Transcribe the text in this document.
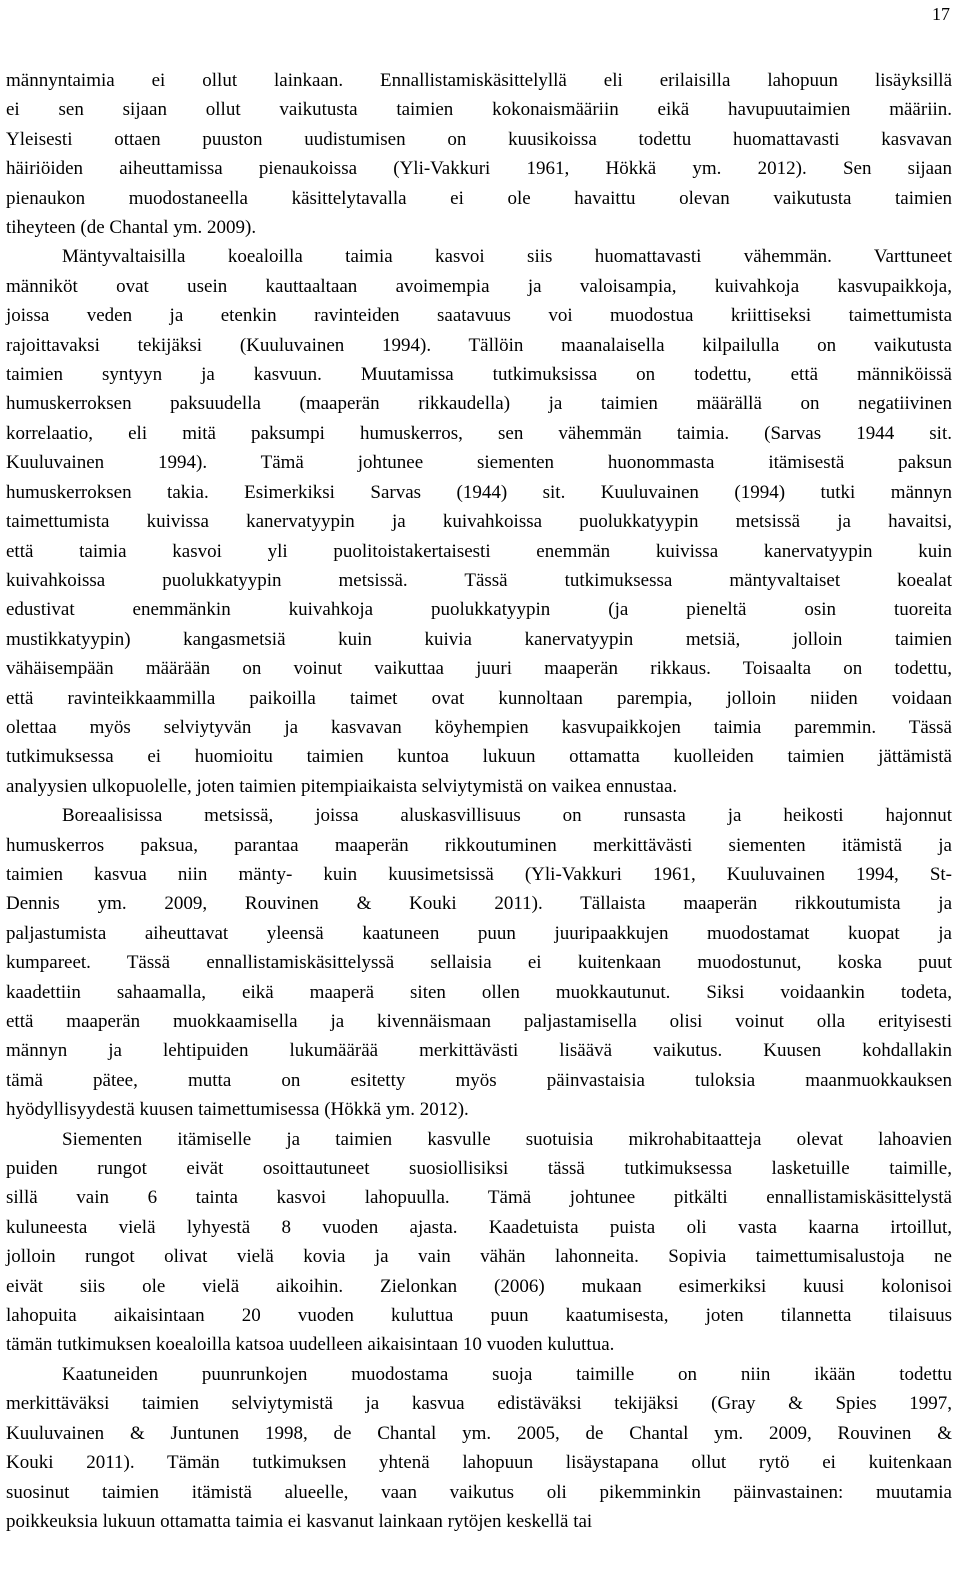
17

männyntaimia ei ollut lainkaan. Ennallistamiskäsittelyllä eli erilaisilla lahopuun lisäyksillä

ei sen sijaan ollut vaikutusta taimien kokonaismääriin eikä havupuutaimien määriin.

Yleisesti ottaen puuston uudistumisen on kuusikoissa todettu huomattavasti kasvavan

häiriöiden aiheuttamissa pienaukoissa (Yli-Vakkuri 1961, Hökkä ym. 2012). Sen sijaan

pienaukon muodostaneella käsittelytavalla ei ole havaittu olevan vaikutusta taimien

tiheyteen (de Chantal ym. 2009).

Mäntyvaltaisilla koealoilla taimia kasvoi siis huomattavasti vähemmän. Varttuneet

männiköt ovat usein kauttaaltaan avoimempia ja valoisampia, kuivahkoja kasvupaikkoja,

joissa veden ja etenkin ravinteiden saatavuus voi muodostua kriittiseksi taimettumista

rajoittavaksi tekijäksi (Kuuluvainen 1994). Tällöin maanalaisella kilpailulla on vaikutusta

taimien syntyyn ja kasvuun. Muutamissa tutkimuksissa on todettu, että männiköissä

humuskerroksen paksuudella (maaperän rikkaudella) ja taimien määrällä on negatiivinen

korrelaatio, eli mitä paksumpi humuskerros, sen vähemmän taimia. (Sarvas 1944 sit.

Kuuluvainen 1994). Tämä johtunee siementen huonommasta itämisestä paksun

humuskerroksen takia. Esimerkiksi Sarvas (1944) sit. Kuuluvainen (1994) tutki männyn

taimettumista kuivissa kanervatyypin ja kuivahkoissa puolukkatyypin metsissä ja havaitsi,

että taimia kasvoi yli puolitoistakertaisesti enemmän kuivissa kanervatyypin kuin

kuivahkoissa puolukkatyypin metsissä. Tässä tutkimuksessa mäntyvaltaiset koealat

edustivat enemmänkin kuivahkoja puolukkatyypin (ja pieneltä osin tuoreita

mustikkatyypin) kangasmetsiä kuin kuivia kanervatyypin metsiä, jolloin taimien

vähäisempään määrään on voinut vaikuttaa juuri maaperän rikkaus. Toisaalta on todettu,

että ravinteikkaammilla paikoilla taimet ovat kunnoltaan parempia, jolloin niiden voidaan

olettaa myös selviytyvän ja kasvavan köyhempien kasvupaikkojen taimia paremmin. Tässä

tutkimuksessa ei huomioitu taimien kuntoa lukuun ottamatta kuolleiden taimien jättämistä

analyysien ulkopuolelle, joten taimien pitempiaikaista selviytymistä on vaikea ennustaa.

Boreaalisissa metsissä, joissa aluskasvillisuus on runsasta ja heikosti hajonnut

humuskerros paksua, parantaa maaperän rikkoutuminen merkittävästi siementen itämistä ja

taimien kasvua niin mänty- kuin kuusimetsissä (Yli-Vakkuri 1961, Kuuluvainen 1994, St-

Dennis ym. 2009, Rouvinen & Kouki 2011). Tällaista maaperän rikkoutumista ja

paljastumista aiheuttavat yleensä kaatuneen puun juuripaakkujen muodostamat kuopat ja

kumpareet. Tässä ennallistamiskäsittelyssä sellaisia ei kuitenkaan muodostunut, koska puut

kaadettiin sahaamalla, eikä maaperä siten ollen muokkautunut. Siksi voidaankin todeta,

että maaperän muokkaamisella ja kivennäismaan paljastamisella olisi voinut olla erityisesti

männyn ja lehtipuiden lukumäärää merkittävästi lisäävä vaikutus. Kuusen kohdallakin

tämä pätee, mutta on esitetty myös päinvastaisia tuloksia maanmuokkauksen

hyödyllisyydestä kuusen taimettumisessa (Hökkä ym. 2012).

Siementen itämiselle ja taimien kasvulle suotuisia mikrohabitaatteja olevat lahoavien

puiden rungot eivät osoittautuneet suosiollisiksi tässä tutkimuksessa lasketuille taimille,

sillä vain 6 tainta kasvoi lahopuulla. Tämä johtunee pitkälti ennallistamiskäsittelystä

kuluneesta vielä lyhyestä 8 vuoden ajasta. Kaadetuista puista oli vasta kaarna irtoillut,

jolloin rungot olivat vielä kovia ja vain vähän lahonneita. Sopivia taimettumisalustoja ne

eivät siis ole vielä aikoihin. Zielonkan (2006) mukaan esimerkiksi kuusi kolonisoi

lahopuita aikaisintaan 20 vuoden kuluttua puun kaatumisesta, joten tilannetta tilaisuus

tämän tutkimuksen koealoilla katsoa uudelleen aikaisintaan 10 vuoden kuluttua.

Kaatuneiden puunrunkojen muodostama suoja taimille on niin ikään todettu

merkittäväksi taimien selviytymistä ja kasvua edistäväksi tekijäksi (Gray & Spies 1997,

Kuuluvainen & Juntunen 1998, de Chantal ym. 2005, de Chantal ym. 2009, Rouvinen &

Kouki 2011). Tämän tutkimuksen yhtenä lahopuun lisäystapana ollut rytö ei kuitenkaan

suosinut taimien itämistä alueelle, vaan vaikutus oli pikemminkin päinvastainen: muutamia

poikkeuksia lukuun ottamatta taimia ei kasvanut lainkaan rytöjen keskellä tai
